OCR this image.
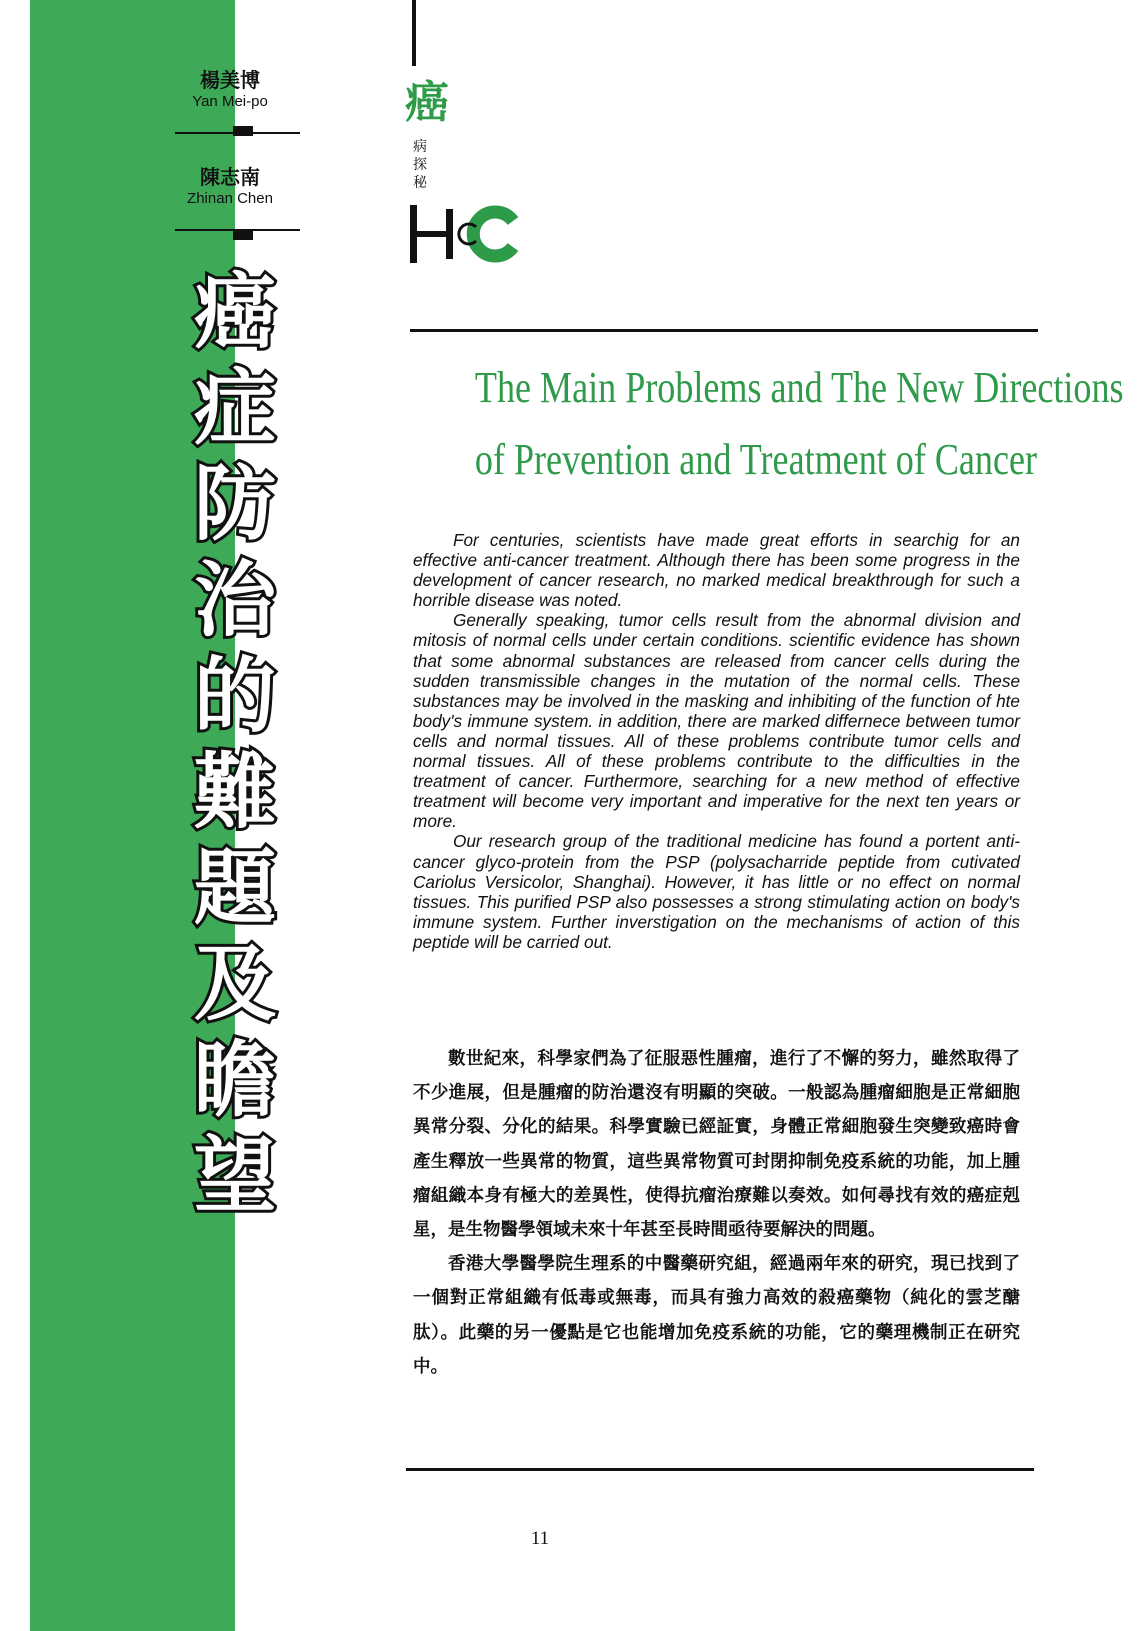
楊美博
Yan Mei-po
陳志南
Zhinan Chen
癌
症
防
治
的
難
題
及
瞻
望
癌
病
探
秘
The Main Problems and The New Directions
of Prevention and Treatment of Cancer

For centuries, scientists have made great efforts in searchig for an effective anti-cancer treatment. Although there has been some progress in the development of cancer research, no marked medical breakthrough for such a horrible disease was noted.

Generally speaking, tumor cells result from the abnormal division and mitosis of normal cells under certain conditions. scientific evidence has shown that some abnormal substances are released from cancer cells during the sudden transmissible changes in the mutation of the normal cells. These substances may be involved in the masking and inhibiting of the function of hte body's immune system. in addition, there are marked differnece between tumor cells and normal tissues. All of these problems contribute tumor cells and normal tissues. All of these problems contribute to the difficulties in the treatment of cancer. Furthermore, searching for a new method of effective treatment will become very important and imperative for the next ten years or more.

Our research group of the traditional medicine has found a portent anti-cancer glyco-protein from the PSP (polysacharride peptide from cutivated Cariolus Versicolor, Shanghai). However, it has little or no effect on normal tissues. This purified PSP also possesses a strong stimulating action on body's immune system. Further inverstigation on the mechanisms of action of this peptide will be carried out.

數世紀來，科學家們為了征服惡性腫瘤，進行了不懈的努力，雖然取得了不少進展，但是腫瘤的防治還沒有明顯的突破。一般認為腫瘤細胞是正常細胞異常分裂、分化的結果。科學實驗已經証實，身體正常細胞發生突變致癌時會產生釋放一些異常的物質，這些異常物質可封閉抑制免疫系統的功能，加上腫瘤組織本身有極大的差異性，使得抗瘤治療難以奏效。如何尋找有效的癌症剋星，是生物醫學領域未來十年甚至長時間亟待要解決的問題。

香港大學醫學院生理系的中醫藥研究組，經過兩年來的研究，現已找到了一個對正常組織有低毒或無毒，而具有強力高效的殺癌藥物（純化的雲芝醣肽）。此藥的另一優點是它也能增加免疫系統的功能，它的藥理機制正在研究中。

11
